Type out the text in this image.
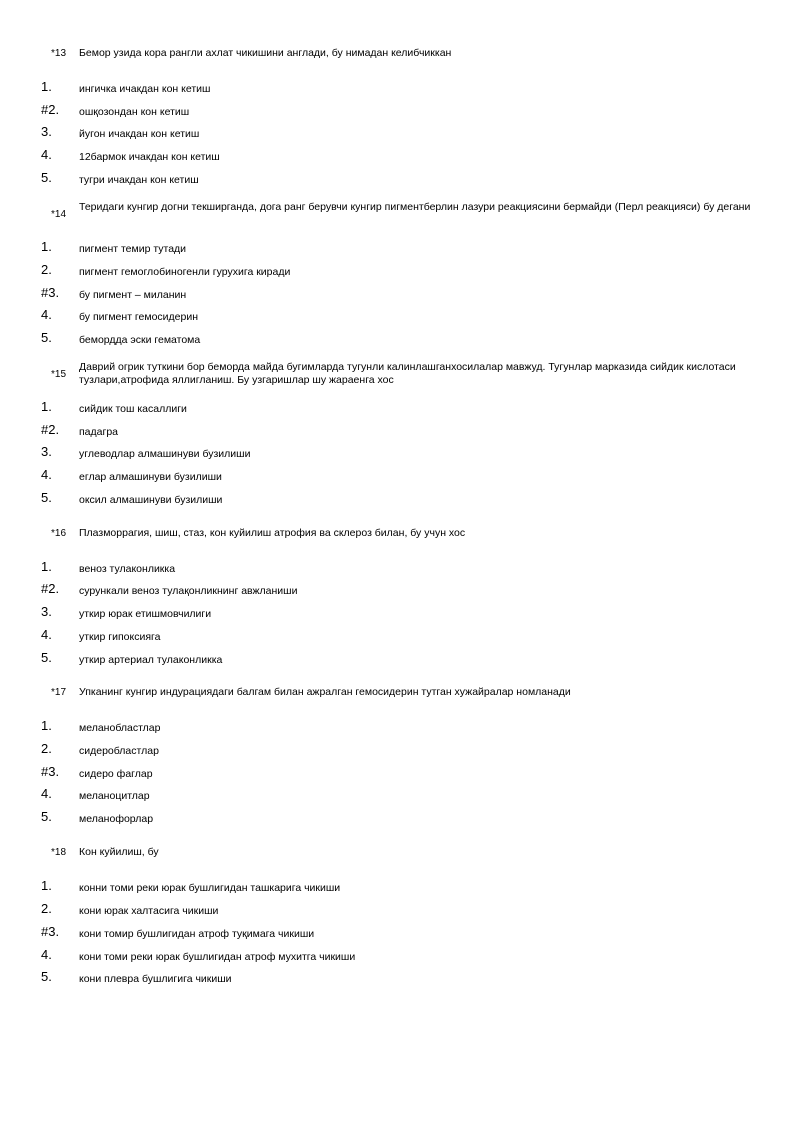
*13 Бемор узида кора рангли ахлат чикишини англади, бу нимадан келибчиккан
1.	ингичка ичакдан кон кетиш
#2. ошқозондан кон кетиш
3.	йугон ичакдан кон кетиш
4.	12бармок ичакдан кон кетиш
5.	тугри ичакдан кон кетиш
*14
Теридаги кунгир догни текширганда, дога ранг берувчи кунгир пигментберлин лазури реакциясини бермайди (Перл реакцияси) бу дегани
1.	пигмент темир тутади
2.	пигмент гемоглобиногенли гурухига киради
#3. бу пигмент – миланин
4.	бу пигмент гемосидерин
5.	бемордда эски гематома
*15
Даврий огрик туткини бор беморда майда бугимларда тугунли калинлашганхосилалар мавжуд. Тугунлар марказида сийдик кислотаси тузлари,атрофида яллигланиш. Бу узгаришлар шу жараенга хос
1.	сийдик тош касаллиги
#2. падагра
3.	углеводлар алмашинуви бузилиши
4.	еглар алмашинуви бузилиши
5.	оксил алмашинуви бузилиши
*16 Плазморрагия, шиш, стаз, кон куйилиш атрофия ва склероз билан, бу учун хос
1.	веноз тулаконликка
#2. сурункали веноз тулақонликнинг авжланиши
3.	уткир юрак етишмовчилиги
4.	уткир гипоксияга
5.	уткир артериал тулаконликка
*17 Упканинг кунгир индурациядаги балгам билан ажралган гемосидерин тутган хужайралар номланади
1.	меланобластлар
2.	сидеробластлар
#3. сидеро фаглар
4.	меланоцитлар
5.	меланофорлар
*18 Кон куйилиш, бу
1.	конни томи реки юрак бушлигидан ташкарига чикиши
2.	кони юрак халтасига чикиши
#3. кони томир бушлигидан атроф туқимага чикиши
4.	кони томи реки юрак бушлигидан атроф мухитга чикиши
5.	кони плевра бушлигига чикиши
